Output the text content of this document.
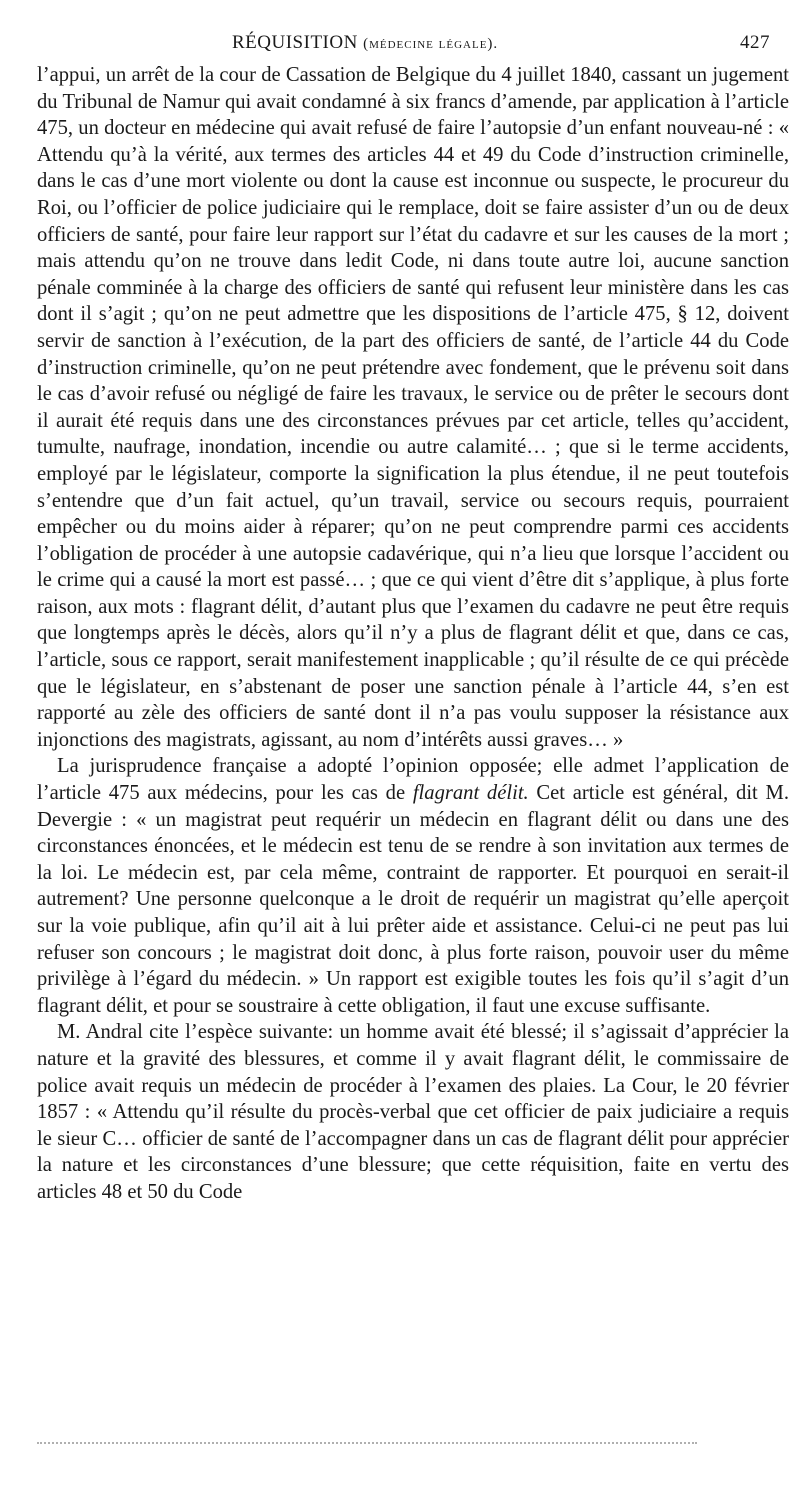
RÉQUISITION (médecine légale).	427

l’appui, un arrêt de la cour de Cassation de Belgique du 4 juillet 1840, cassant un jugement du Tribunal de Namur qui avait condamné à six francs d’amende, par application à l’article 475, un docteur en médecine qui avait refusé de faire l’autopsie d’un enfant nouveau-né : « Attendu qu’à la vérité, aux termes des articles 44 et 49 du Code d’instruction criminelle, dans le cas d’une mort violente ou dont la cause est inconnue ou suspecte, le procureur du Roi, ou l’officier de police judiciaire qui le remplace, doit se faire assister d’un ou de deux officiers de santé, pour faire leur rapport sur l’état du cadavre et sur les causes de la mort ; mais attendu qu’on ne trouve dans ledit Code, ni dans toute autre loi, aucune sanction pénale comminée à la charge des officiers de santé qui refusent leur ministère dans les cas dont il s’agit ; qu’on ne peut admettre que les dispositions de l’article 475, § 12, doivent servir de sanction à l’exécution, de la part des officiers de santé, de l’article 44 du Code d’instruction criminelle, qu’on ne peut prétendre avec fondement, que le prévenu soit dans le cas d’avoir refusé ou négligé de faire les travaux, le service ou de prêter le secours dont il aurait été requis dans une des circonstances prévues par cet article, telles qu’accident, tumulte, naufrage, inondation, incendie ou autre calamité… ; que si le terme accidents, employé par le législateur, comporte la signification la plus étendue, il ne peut toutefois s’entendre que d’un fait actuel, qu’un travail, service ou secours requis, pourraient empêcher ou du moins aider à réparer; qu’on ne peut comprendre parmi ces accidents l’obligation de procéder à une autopsie cadavérique, qui n’a lieu que lorsque l’accident ou le crime qui a causé la mort est passé… ; que ce qui vient d’être dit s’applique, à plus forte raison, aux mots : flagrant délit, d’autant plus que l’examen du cadavre ne peut être requis que longtemps après le décès, alors qu’il n’y a plus de flagrant délit et que, dans ce cas, l’article, sous ce rapport, serait manifestement inapplicable ; qu’il résulte de ce qui précède que le législateur, en s’abstenant de poser une sanction pénale à l’article 44, s’en est rapporté au zèle des officiers de santé dont il n’a pas voulu supposer la résistance aux injonctions des magistrats, agissant, au nom d’intérêts aussi graves… »

La jurisprudence française a adopté l’opinion opposée; elle admet l’application de l’article 475 aux médecins, pour les cas de flagrant délit. Cet article est général, dit M. Devergie : « un magistrat peut requérir un médecin en flagrant délit ou dans une des circonstances énoncées, et le médecin est tenu de se rendre à son invitation aux termes de la loi. Le médecin est, par cela même, contraint de rapporter. Et pourquoi en serait-il autrement? Une personne quelconque a le droit de requérir un magistrat qu’elle aperçoit sur la voie publique, afin qu’il ait à lui prêter aide et assistance. Celui-ci ne peut pas lui refuser son concours ; le magistrat doit donc, à plus forte raison, pouvoir user du même privilège à l’égard du médecin. » Un rapport est exigible toutes les fois qu’il s’agit d’un flagrant délit, et pour se soustraire à cette obligation, il faut une excuse suffisante.

M. Andral cite l’espèce suivante: un homme avait été blessé; il s’agissait d’apprécier la nature et la gravité des blessures, et comme il y avait flagrant délit, le commissaire de police avait requis un médecin de procéder à l’examen des plaies. La Cour, le 20 février 1857 : « Attendu qu’il résulte du procès-verbal que cet officier de paix judiciaire a requis le sieur C… officier de santé de l’accompagner dans un cas de flagrant délit pour apprécier la nature et les circonstances d’une blessure; que cette réquisition, faite en vertu des articles 48 et 50 du Code
